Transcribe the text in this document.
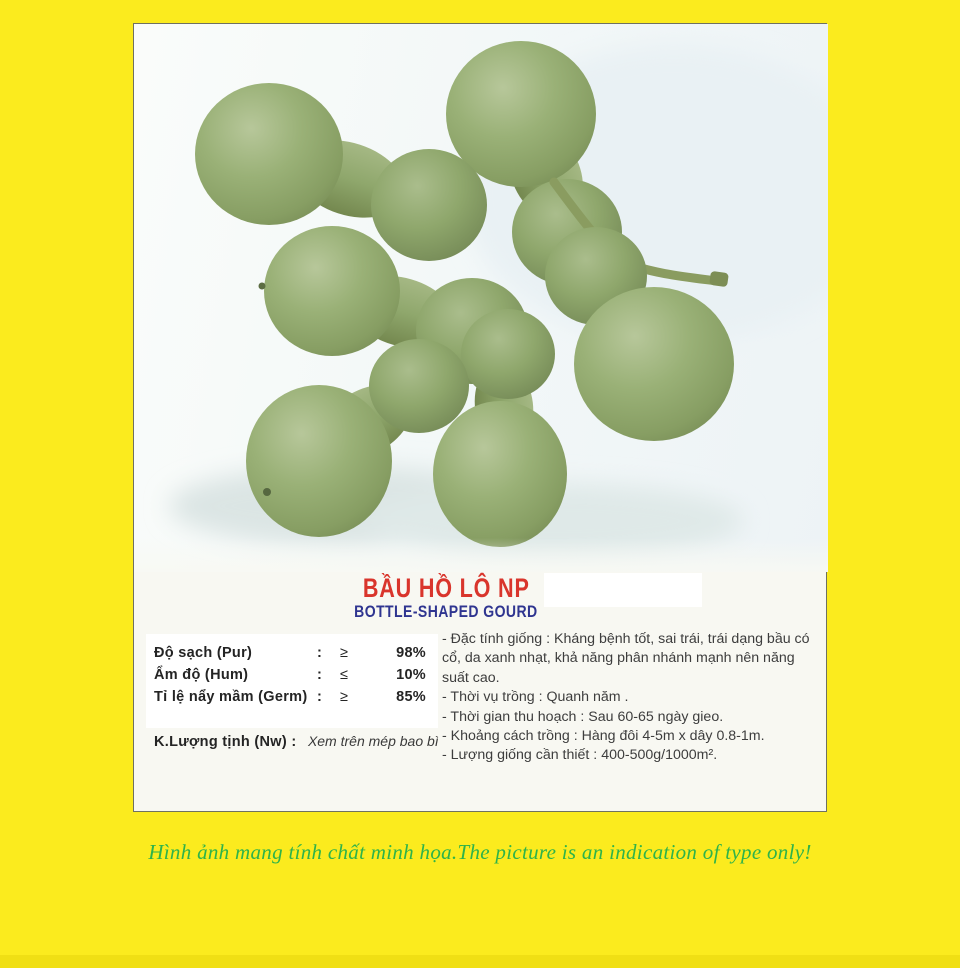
BẦU HỒ LÔ NP
BOTTLE-SHAPED GOURD
Độ sạch (Pur)	: ≥	98%
Ẩm độ (Hum)	: ≤	10%
Tỉ lệ nẩy mầm (Germ) : ≥	85%
K.Lượng tịnh (Nw) : Xem trên mép bao bì
- Đặc tính giống : Kháng bệnh tốt, sai trái, trái dạng bầu có cổ, da xanh nhạt, khả năng phân nhánh mạnh nên năng suất cao.
- Thời vụ trồng : Quanh năm .
- Thời gian thu hoạch : Sau 60-65 ngày gieo.
- Khoảng cách trồng : Hàng đôi 4-5m x dây 0.8-1m.
- Lượng giống cần thiết : 400-500g/1000m².
Hình ảnh mang tính chất minh họa.The picture is an indication of type only!
